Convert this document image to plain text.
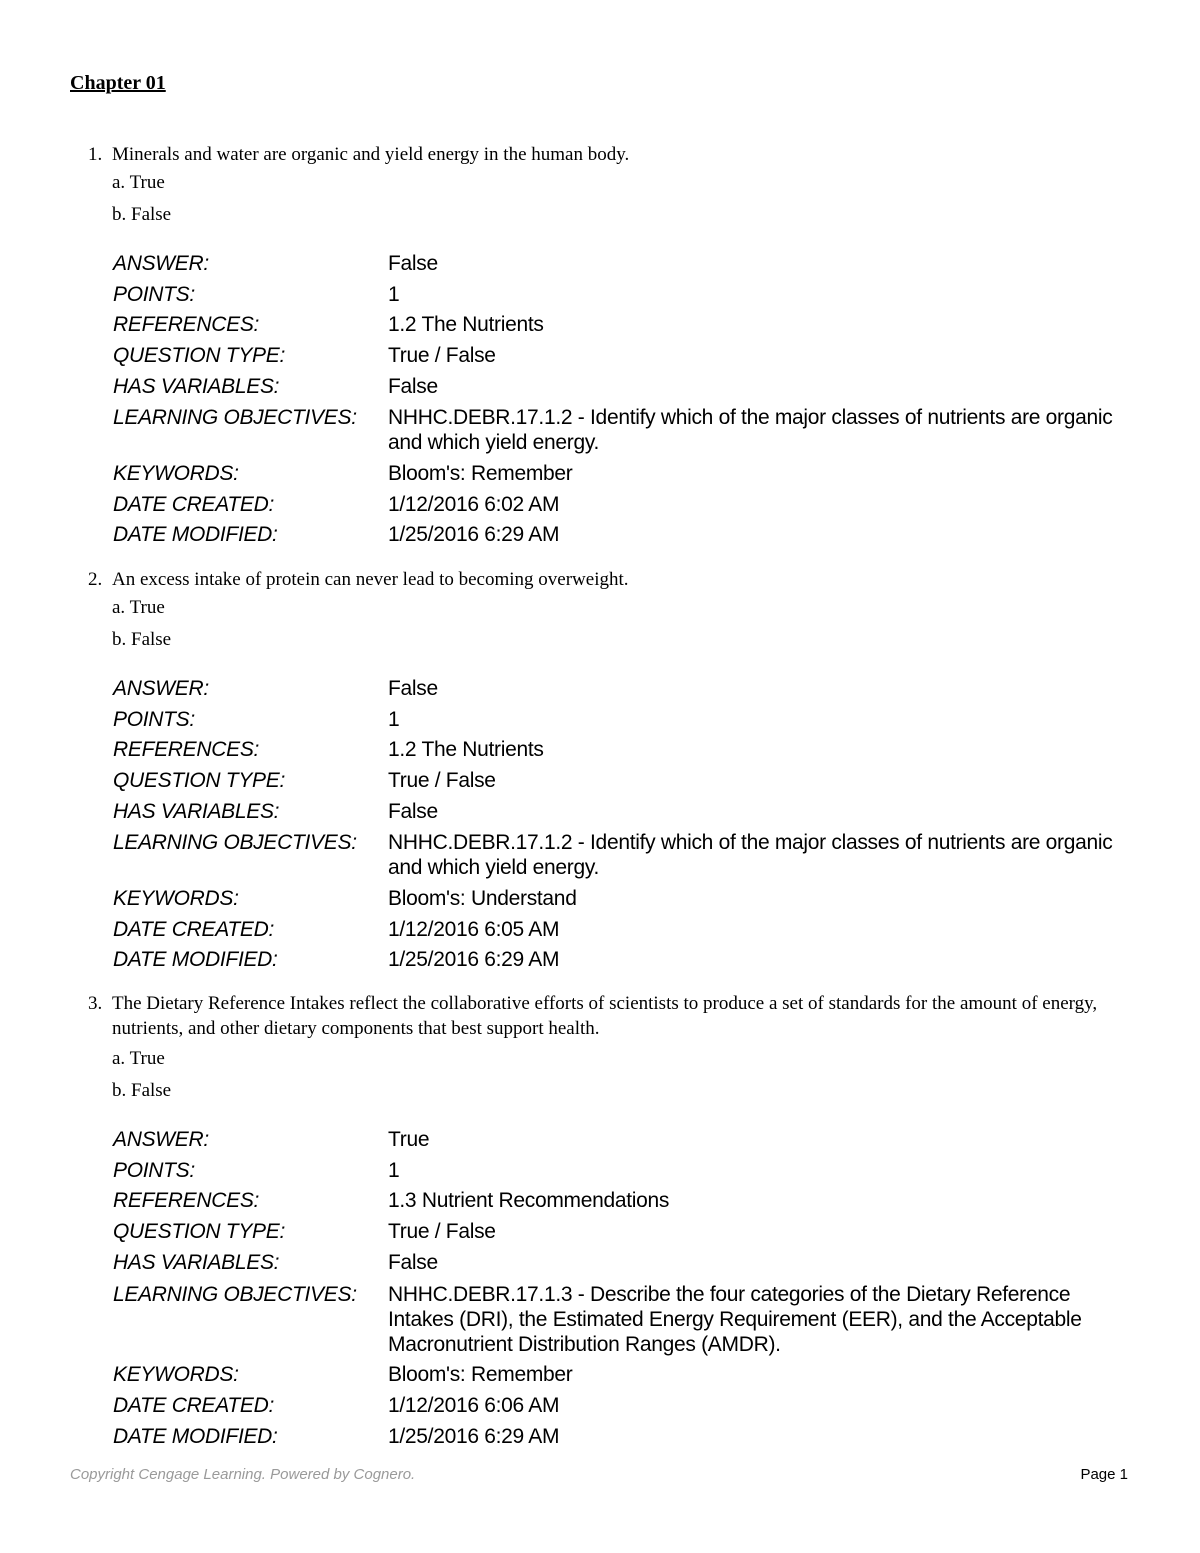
Chapter 01
1. Minerals and water are organic and yield energy in the human body.
a. True
b. False
ANSWER:	False
POINTS:	1
REFERENCES:	1.2 The Nutrients
QUESTION TYPE:	True / False
HAS VARIABLES:	False
LEARNING OBJECTIVES: NHHC.DEBR.17.1.2 - Identify which of the major classes of nutrients are organic and which yield energy.
KEYWORDS:	Bloom's: Remember
DATE CREATED:	1/12/2016 6:02 AM
DATE MODIFIED:	1/25/2016 6:29 AM
2. An excess intake of protein can never lead to becoming overweight.
a. True
b. False
ANSWER:	False
POINTS:	1
REFERENCES:	1.2 The Nutrients
QUESTION TYPE:	True / False
HAS VARIABLES:	False
LEARNING OBJECTIVES: NHHC.DEBR.17.1.2 - Identify which of the major classes of nutrients are organic and which yield energy.
KEYWORDS:	Bloom's: Understand
DATE CREATED:	1/12/2016 6:05 AM
DATE MODIFIED:	1/25/2016 6:29 AM
3. The Dietary Reference Intakes reflect the collaborative efforts of scientists to produce a set of standards for the amount of energy, nutrients, and other dietary components that best support health.
a. True
b. False
ANSWER:	True
POINTS:	1
REFERENCES:	1.3 Nutrient Recommendations
QUESTION TYPE:	True / False
HAS VARIABLES:	False
LEARNING OBJECTIVES: NHHC.DEBR.17.1.3 - Describe the four categories of the Dietary Reference Intakes (DRI), the Estimated Energy Requirement (EER), and the Acceptable Macronutrient Distribution Ranges (AMDR).
KEYWORDS:	Bloom's: Remember
DATE CREATED:	1/12/2016 6:06 AM
DATE MODIFIED:	1/25/2016 6:29 AM
Copyright Cengage Learning. Powered by Cognero.	Page 1
